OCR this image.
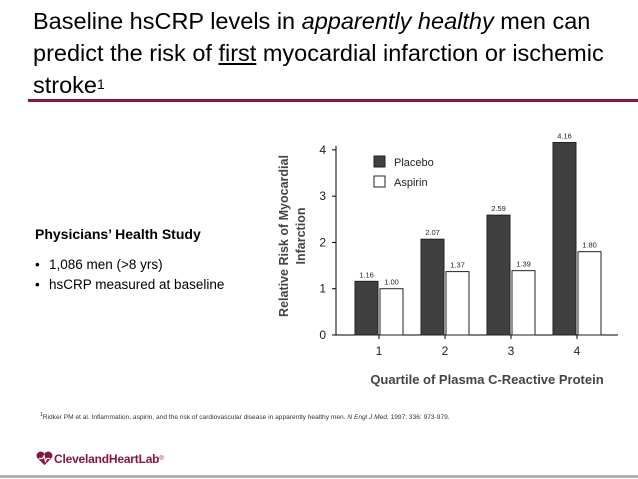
Baseline hsCRP levels in apparently healthy men can predict the risk of first myocardial infarction or ischemic stroke$^1$
Physicians’ Health Study
• 1,086 men (>8 yrs)
• hsCRP measured at baseline
0
1
2
3
4
Relative Risk of Myocardial Infarction
1.16
1.00
1
2.07
1.37
2
2.59
1.39
3
4.16
1.80
4
Quartile of Plasma C-Reactive Protein
Placebo
Aspirin
$^1$Ridker PM et al. Inflammation, aspirin, and the risk of cardiovascular disease in apparently healthy men. N Engl J Med. 1997; 336: 973-979.
ClevelandHeartLab ®
